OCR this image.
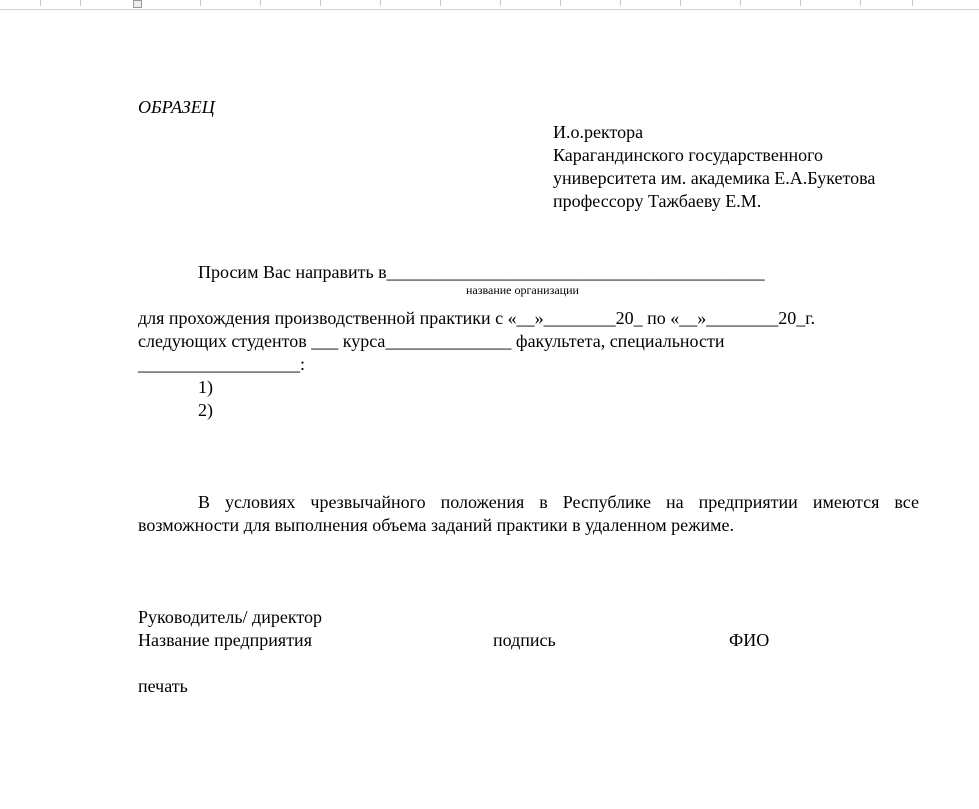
ОБРАЗЕЦ
И.о.ректора
Карагандинского государственного
университета им. академика Е.А.Букетова
профессору Тажбаеву Е.М.
Просим Вас направить в__________________________________________
название организации
для прохождения производственной практики с «__»________20_ по «__»________20_г.
следующих студентов ___ курса______________ факультета, специальности
__________________:
1)
2)
В условиях чрезвычайного положения в Республике на предприятии имеются все возможности для выполнения объема заданий практики в удаленном режиме.
Руководитель/ директор
Название предприятия	подпись	ФИО
печать
